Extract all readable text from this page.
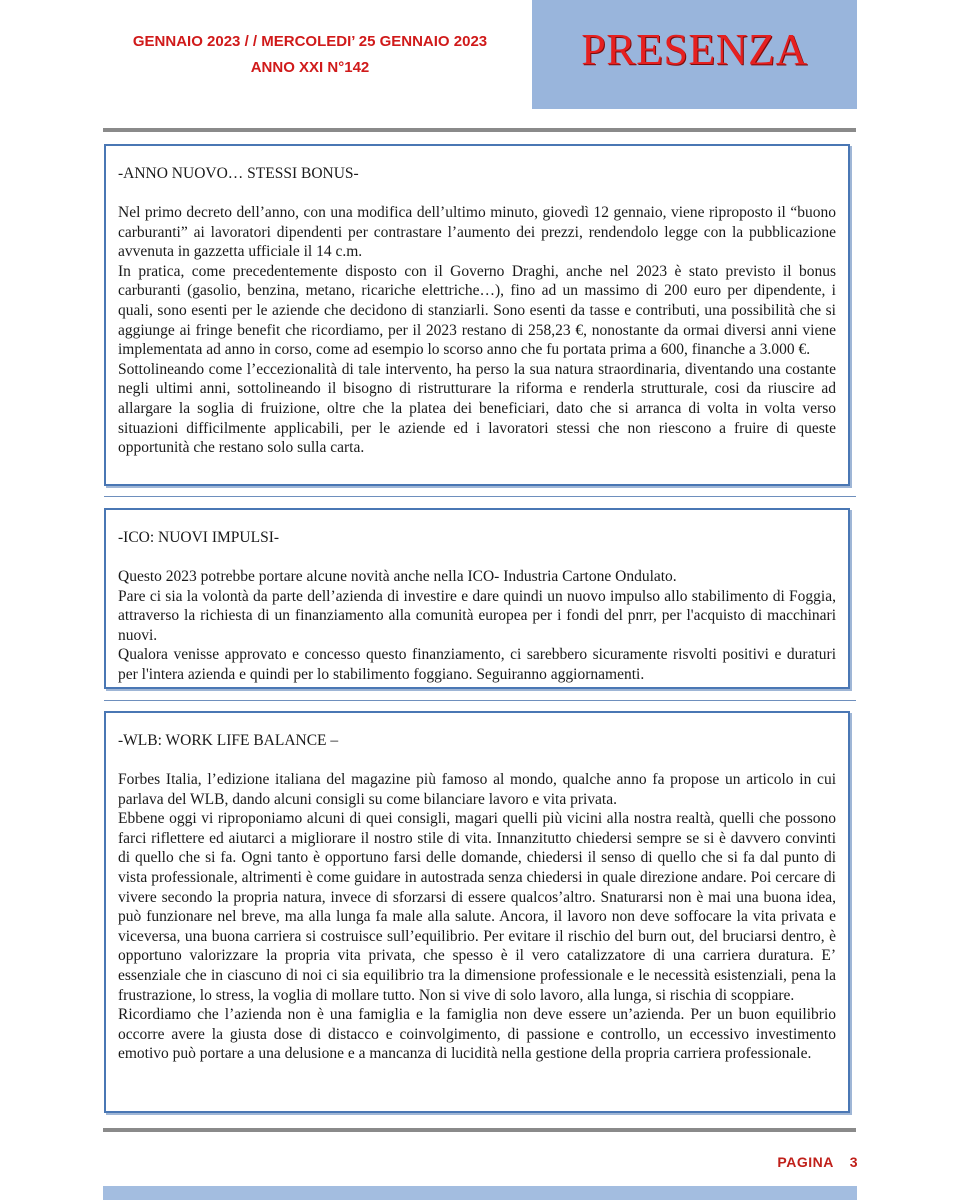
GENNAIO 2023 / / MERCOLEDI’ 25 GENNAIO 2023
ANNO XXI N°142	PRESENZA
-ANNO NUOVO… STESSI BONUS-

Nel primo decreto dell’anno, con una modifica dell’ultimo minuto, giovedì 12 gennaio, viene riproposto il “buono carburanti” ai lavoratori dipendenti per contrastare l’aumento dei prezzi, rendendolo legge con la pubblicazione avvenuta in gazzetta ufficiale il 14 c.m.

In pratica, come precedentemente disposto con il Governo Draghi, anche nel 2023 è stato previsto il bonus carburanti (gasolio, benzina, metano, ricariche elettriche…), fino ad un massimo di 200 euro per dipendente, i quali, sono esenti per le aziende che decidono di stanziarli. Sono esenti da tasse e contributi, una possibilità che si aggiunge ai fringe benefit che ricordiamo, per il 2023 restano di 258,23 €, nonostante da ormai diversi anni viene implementata ad anno in corso, come ad esempio lo scorso anno che fu portata prima a 600, finanche a 3.000 €.

Sottolineando come l’eccezionalità di tale intervento, ha perso la sua natura straordinaria, diventando una costante negli ultimi anni, sottolineando il bisogno di ristrutturare la riforma e renderla strutturale, cosi da riuscire ad allargare la soglia di fruizione, oltre che la platea dei beneficiari, dato che si arranca di volta in volta verso situazioni difficilmente applicabili, per le aziende ed i lavoratori stessi che non riescono a fruire di queste opportunità che restano solo sulla carta.

-ICO: NUOVI IMPULSI-

Questo 2023 potrebbe portare alcune novità anche nella ICO- Industria Cartone Ondulato.

Pare ci sia la volontà da parte dell’azienda di investire e dare quindi un nuovo impulso allo stabilimento di Foggia, attraverso la richiesta di un finanziamento alla comunità europea per i fondi del pnrr, per l'acquisto di macchinari nuovi.

Qualora venisse approvato e concesso questo finanziamento, ci sarebbero sicuramente risvolti positivi e duraturi per l'intera azienda e quindi per lo stabilimento foggiano. Seguiranno aggiornamenti.

-WLB: WORK LIFE BALANCE –

Forbes Italia, l’edizione italiana del magazine più famoso al mondo, qualche anno fa propose un articolo in cui parlava del WLB, dando alcuni consigli su come bilanciare lavoro e vita privata.

Ebbene oggi vi riproponiamo alcuni di quei consigli, magari quelli più vicini alla nostra realtà, quelli che possono farci riflettere ed aiutarci a migliorare il nostro stile di vita. Innanzitutto chiedersi sempre se si è davvero convinti di quello che si fa. Ogni tanto è opportuno farsi delle domande, chiedersi il senso di quello che si fa dal punto di vista professionale, altrimenti è come guidare in autostrada senza chiedersi in quale direzione andare. Poi cercare di vivere secondo la propria natura, invece di sforzarsi di essere qualcos’altro. Snaturarsi non è mai una buona idea, può funzionare nel breve, ma alla lunga fa male alla salute. Ancora, il lavoro non deve soffocare la vita privata e viceversa, una buona carriera si costruisce sull’equilibrio. Per evitare il rischio del burn out, del bruciarsi dentro, è opportuno valorizzare la propria vita privata, che spesso è il vero catalizzatore di una carriera duratura. E’ essenziale che in ciascuno di noi ci sia equilibrio tra la dimensione professionale e le necessità esistenziali, pena la frustrazione, lo stress, la voglia di mollare tutto. Non si vive di solo lavoro, alla lunga, si rischia di scoppiare.

Ricordiamo che l’azienda non è una famiglia e la famiglia non deve essere un’azienda. Per un buon equilibrio occorre avere la giusta dose di distacco e coinvolgimento, di passione e controllo, un eccessivo investimento emotivo può portare a una delusione e a mancanza di lucidità nella gestione della propria carriera professionale.

PAGINA 3
